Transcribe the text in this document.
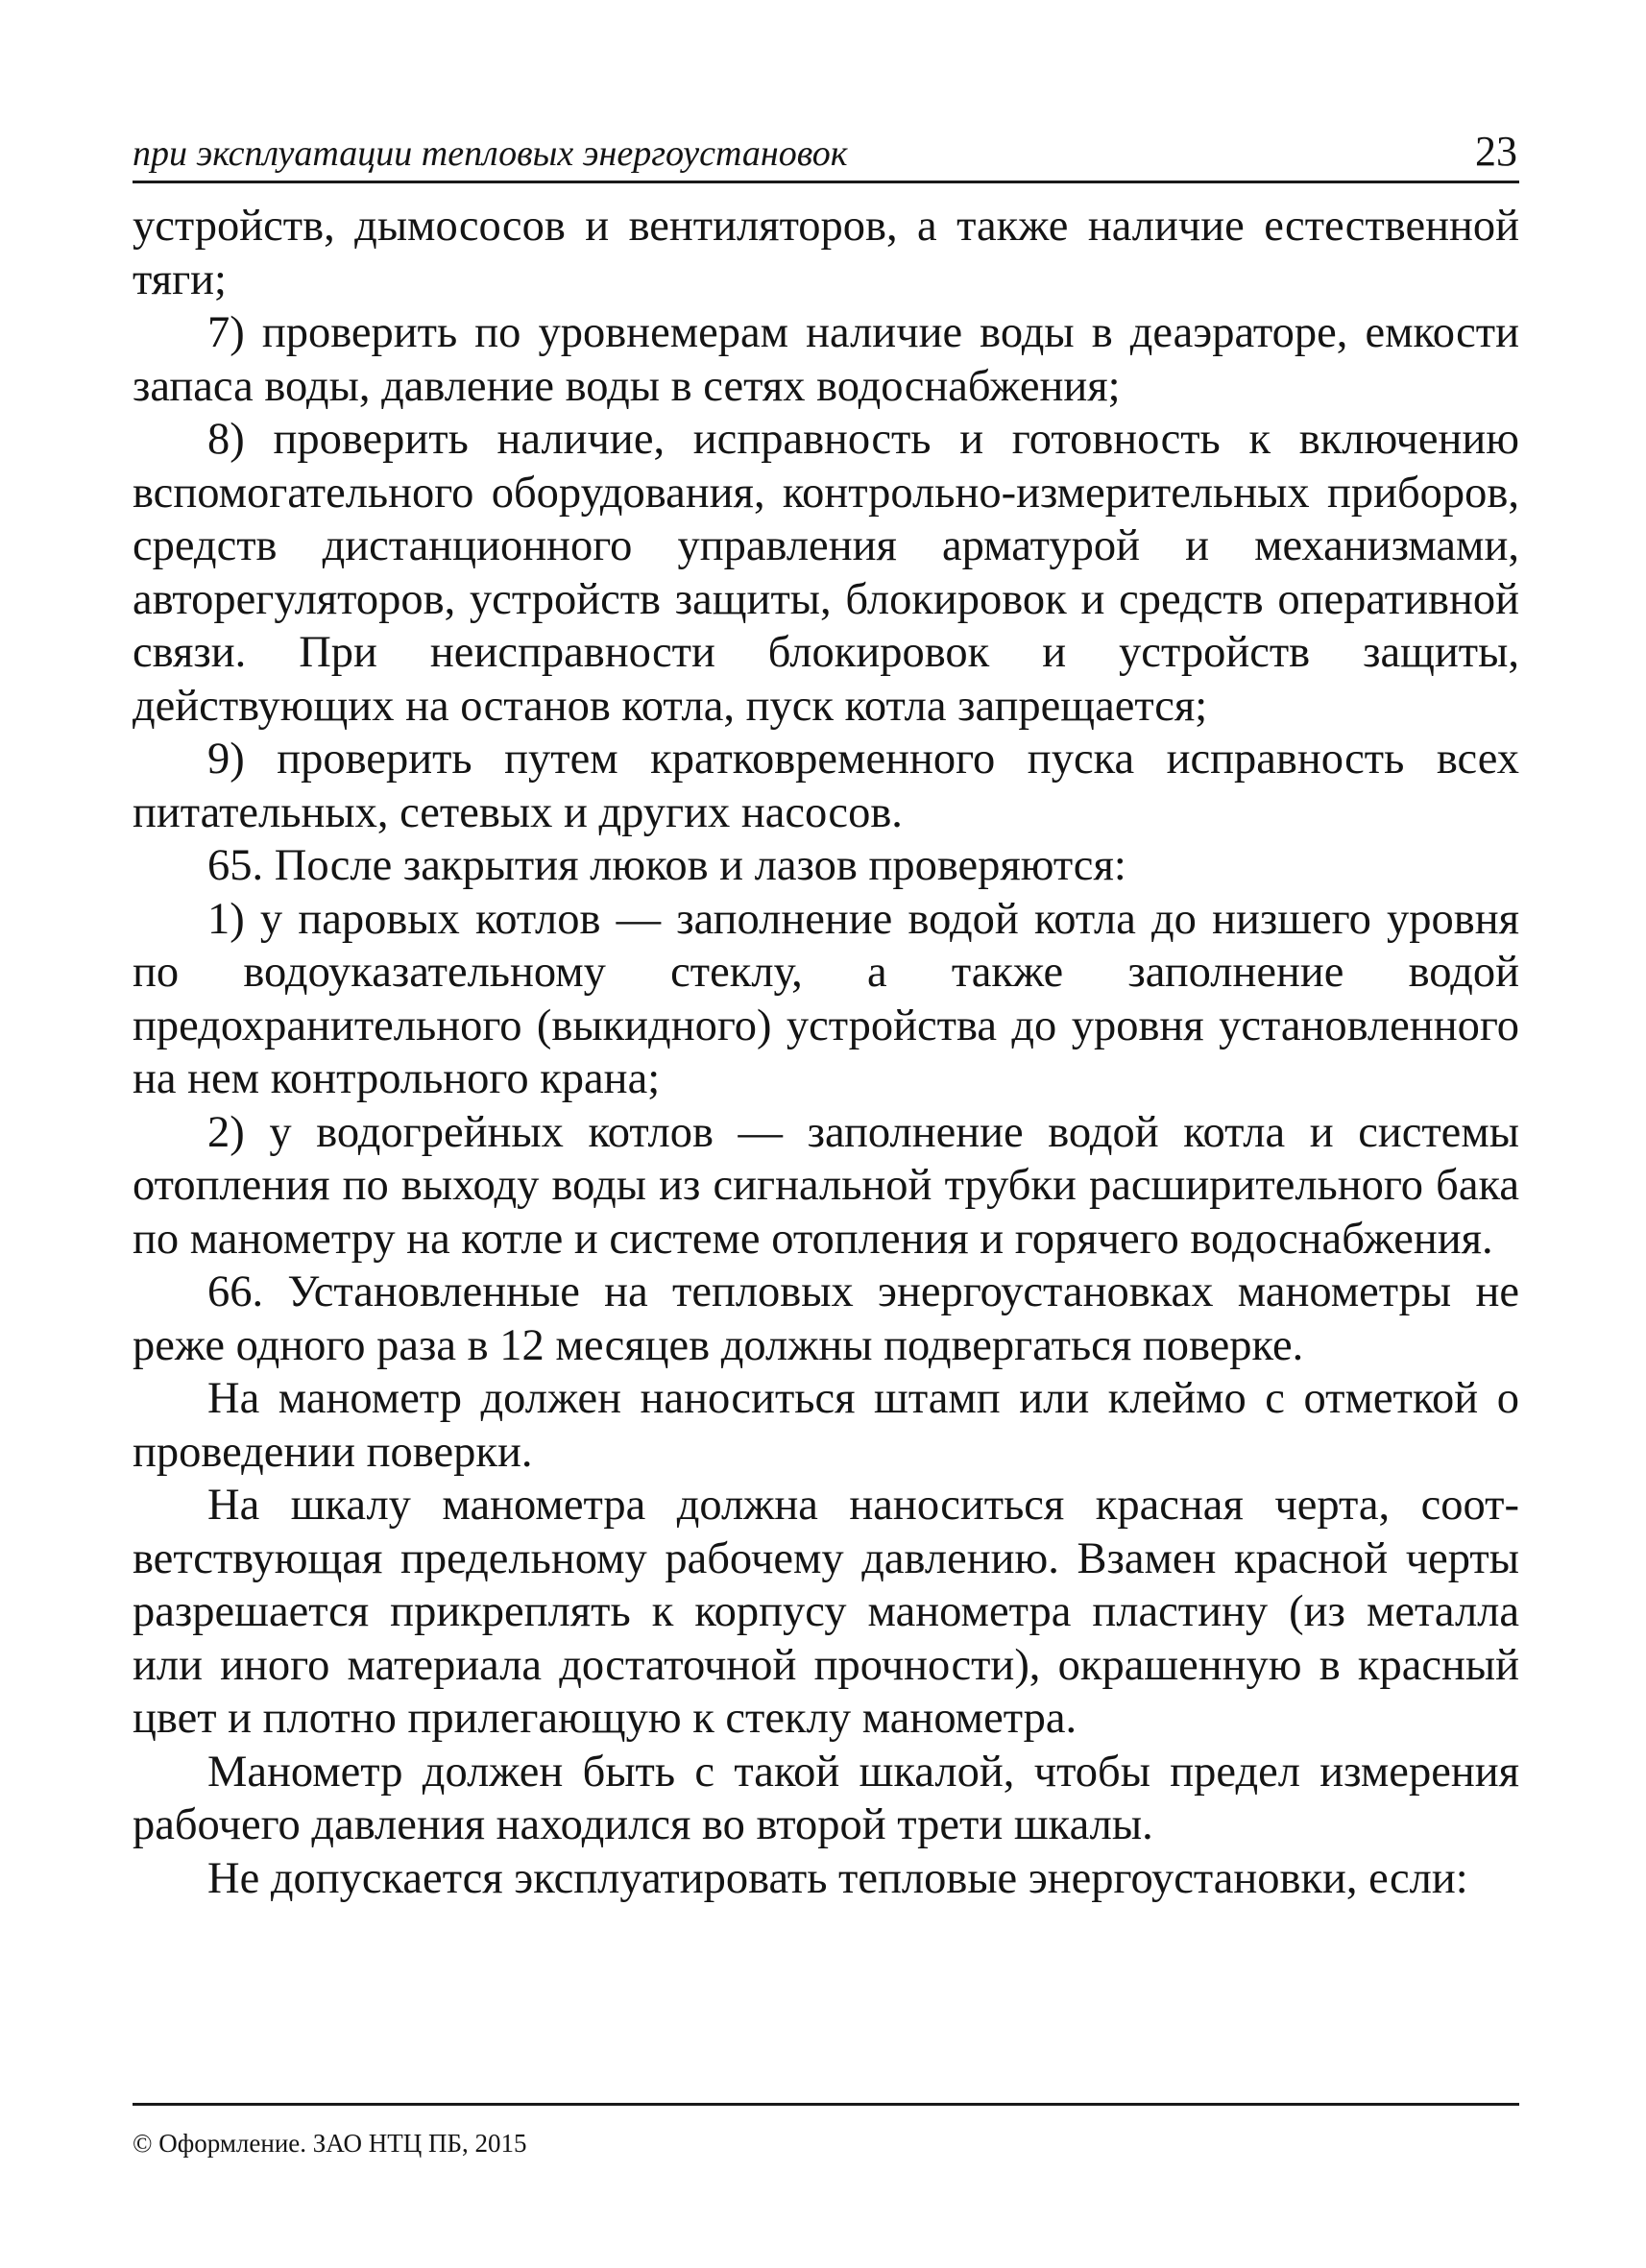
при эксплуатации тепловых энергоустановок	23

устройств, дымососов и вентиляторов, а также наличие естественной тяги;

7) проверить по уровнемерам наличие воды в деаэраторе, емкости запаса воды, давление воды в сетях водоснабжения;

8) проверить наличие, исправность и готовность к включению вспомогательного оборудования, контрольно-измерительных приборов, средств дистанционного управления арматурой и механизмами, авторегуляторов, устройств защиты, блокировок и средств оперативной связи. При неисправности блокировок и устройств защиты, действующих на останов котла, пуск котла запрещается;

9) проверить путем кратковременного пуска исправность всех питательных, сетевых и других насосов.

65. После закрытия люков и лазов проверяются:

1) у паровых котлов — заполнение водой котла до низшего уровня по водоуказательному стеклу, а также заполнение водой предохранительного (выкидного) устройства до уровня установленного на нем контрольного крана;

2) у водогрейных котлов — заполнение водой котла и системы отопления по выходу воды из сигнальной трубки расширительного бака по манометру на котле и системе отопления и горячего водоснабжения.

66. Установленные на тепловых энергоустановках манометры не реже одного раза в 12 месяцев должны подвергаться поверке.

На манометр должен наноситься штамп или клеймо с отметкой о проведении поверки.

На шкалу манометра должна наноситься красная черта, соответствующая предельному рабочему давлению. Взамен красной черты разрешается прикреплять к корпусу манометра пластину (из металла или иного материала достаточной прочности), окрашенную в красный цвет и плотно прилегающую к стеклу манометра.

Манометр должен быть с такой шкалой, чтобы предел измерения рабочего давления находился во второй трети шкалы.

Не допускается эксплуатировать тепловые энергоустановки, если:

© Оформление. ЗАО НТЦ ПБ, 2015
